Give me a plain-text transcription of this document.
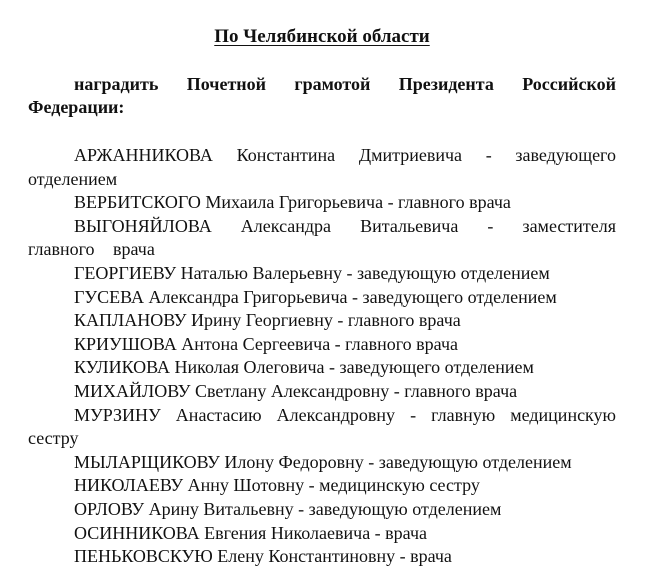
По Челябинской области

наградить Почетной грамотой Президента Российской Федерации:

АРЖАННИКОВА Константина Дмитриевича - заведующего отделением

ВЕРБИТСКОГО Михаила Григорьевича - главного врача

ВЫГОНЯЙЛОВА Александра Витальевича - заместителя главного врача

ГЕОРГИЕВУ Наталью Валерьевну - заведующую отделением

ГУСЕВА Александра Григорьевича - заведующего отделением

КАПЛАНОВУ Ирину Георгиевну - главного врача

КРИУШОВА Антона Сергеевича - главного врача

КУЛИКОВА Николая Олеговича - заведующего отделением

МИХАЙЛОВУ Светлану Александровну - главного врача

МУРЗИНУ Анастасию Александровну - главную медицинскую сестру

МЫЛАРЩИКОВУ Илону Федоровну - заведующую отделением

НИКОЛАЕВУ Анну Шотовну - медицинскую сестру

ОРЛОВУ Арину Витальевну - заведующую отделением

ОСИННИКОВА Евгения Николаевича - врача

ПЕНЬКОВСКУЮ Елену Константиновну - врача
